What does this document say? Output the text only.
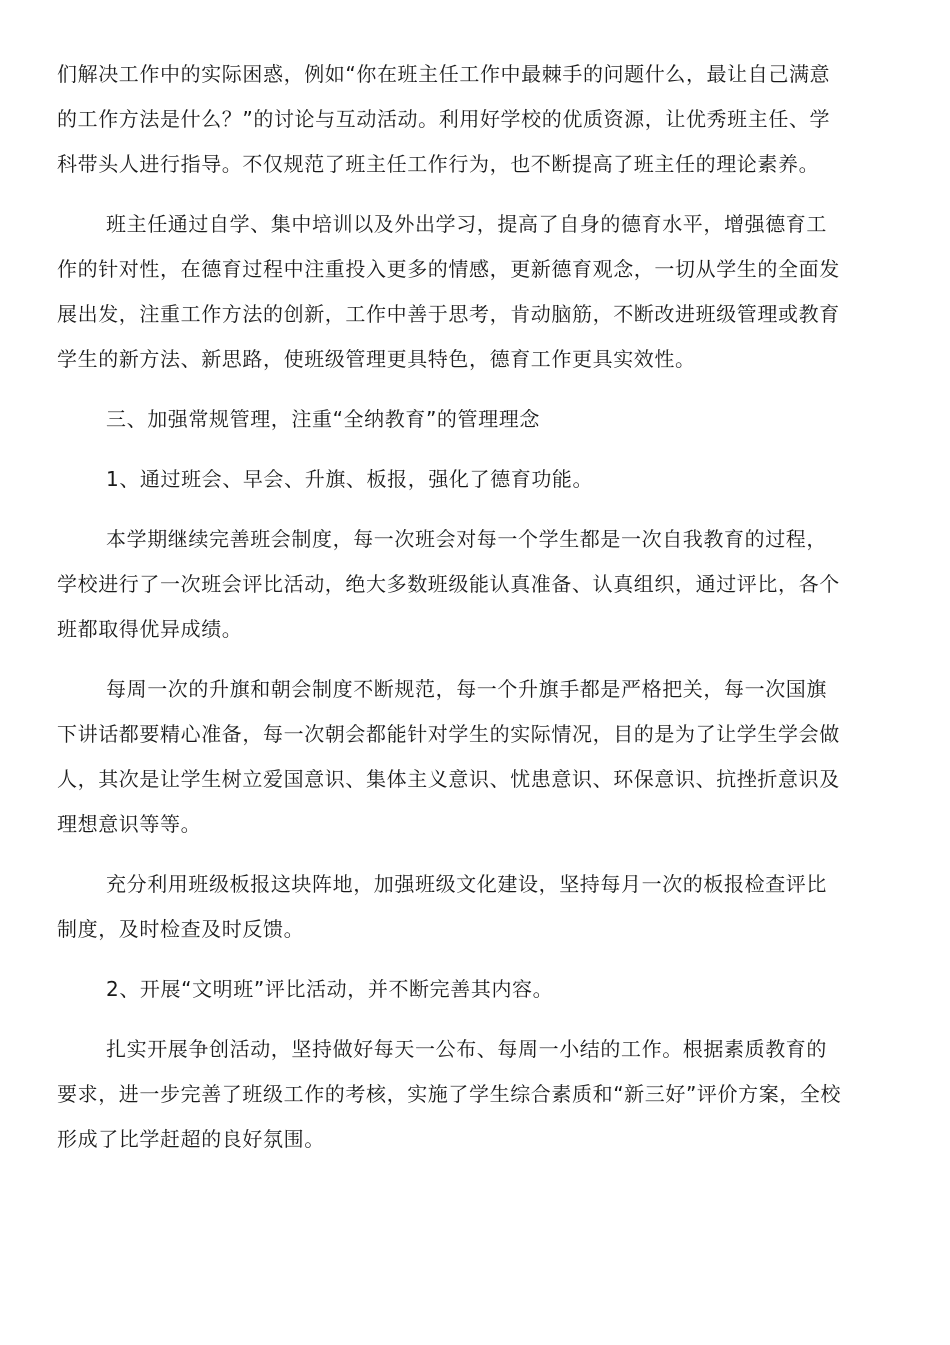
们解决工作中的实际困惑，例如“你在班主任工作中最棘手的问题什么，最让自己满意的工作方法是什么？”的讨论与互动活动。利用好学校的优质资源，让优秀班主任、学科带头人进行指导。不仅规范了班主任工作行为，也不断提高了班主任的理论素养。

班主任通过自学、集中培训以及外出学习，提高了自身的德育水平，增强德育工作的针对性，在德育过程中注重投入更多的情感，更新德育观念，一切从学生的全面发展出发，注重工作方法的创新，工作中善于思考，肯动脑筋，不断改进班级管理或教育学生的新方法、新思路，使班级管理更具特色，德育工作更具实效性。

三、加强常规管理，注重“全纳教育”的管理理念

1、通过班会、早会、升旗、板报，强化了德育功能。

本学期继续完善班会制度，每一次班会对每一个学生都是一次自我教育的过程，学校进行了一次班会评比活动，绝大多数班级能认真准备、认真组织，通过评比，各个班都取得优异成绩。

每周一次的升旗和朝会制度不断规范，每一个升旗手都是严格把关，每一次国旗下讲话都要精心准备，每一次朝会都能针对学生的实际情况，目的是为了让学生学会做人，其次是让学生树立爱国意识、集体主义意识、忧患意识、环保意识、抗挫折意识及理想意识等等。

充分利用班级板报这块阵地，加强班级文化建设，坚持每月一次的板报检查评比制度，及时检查及时反馈。

2、开展“文明班”评比活动，并不断完善其内容。

扎实开展争创活动，坚持做好每天一公布、每周一小结的工作。根据素质教育的要求，进一步完善了班级工作的考核，实施了学生综合素质和“新三好”评价方案，全校形成了比学赶超的良好氛围。
